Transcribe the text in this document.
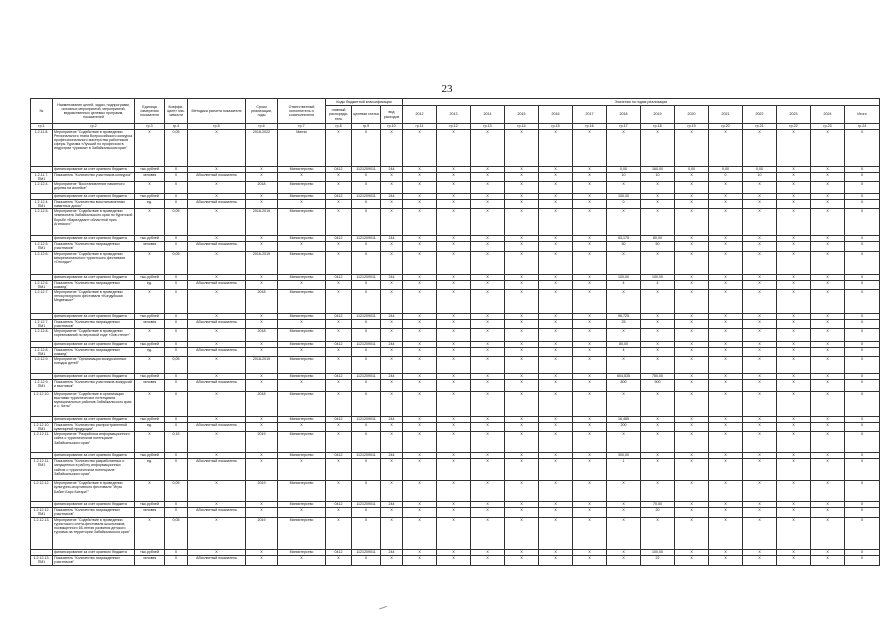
23
№	Наименование целей, задач, подпрограмм, основных мероприятий, мероприятий, ведомственных целевых программ, показателей	Единица измерения показателя	Коэффи-циент зна-чимости	Методика расчета показателя	Сроки реализации, годы	Ответственный исполнитель и соисполнители	Коды бюджетной классификации			Значения по годам реализации													
							главный распоряди-тель	целевая статья	вид расходов	2012	2013	2014	2015	2016	2017	2018	2019	2020	2021	2022	2023	2024	Итого
гр.1	гр.2	гр.3	гр.4	гр.5	гр.6	гр.7	гр.8	гр.9	гр.10	гр.11	гр.12	гр.13	гр.14	гр.15	гр.16	гр.17	гр.18	гр.19	гр.20	гр.21	гр.22	гр.23	гр.24
1.2.11.8.	Мероприятие "Содействие в проведении Регионального этапа Всероссийского конкурса профессионального мастерства работников сферы Туризма «Лучший по профессии в индустрии туризма» в Забайкальском крае"	Х	0,05	Х	2018-2022	Минэк	Х	Х	Х	Х	Х	Х	Х	Х	Х	Х	Х	Х	Х	Х	Х	Х	Х
	финансирование за счет краевого бюджета	тыс.рублей	Х	Х	Х	Министерство	0412	1121209011	244	Х	Х	Х	Х	Х	Х	0,00	160,00	0,00	0,00	0,00	Х	Х	Х
1.2.11.7. ПМ1	Показатель "Количество участников конкурса"	человек	Х	Абсолютный показатель	Х	Х	Х	Х	Х	Х	Х	Х	Х	Х	Х	10	10	Х	0	10	Х	Х	Х
1.2.12.4.	Мероприятие "Восстановление памятного дерева на аллейке"	Х	Х	Х	2018	Министерство	Х	Х	Х	Х	Х	Х	Х	Х	Х	Х	Х	Х	Х	Х	Х	Х	Х
	финансирование за счет краевого бюджета	тыс.рублей	Х	Х	Х	Министерство	0412	1121209011	244	Х	Х	Х	Х	Х	Х	100,00	Х	Х	Х	Х	Х	Х	Х
1.2.12.4. ПМ1	Показатель "Количество восстановленных памятных досок"	ед.	Х	Абсолютный показатель	Х	Х	Х	Х	Х	Х	Х	Х	Х	Х	Х	0	Х	Х	Х	Х	Х	Х	Х
1.2.12.5.	Мероприятие "Содействие в проведении чемпионата Забайкальского края по бурятской борьбе «Барилдаан» областной приз Агинского"	Х	0,05	Х	2018-2019	Министерство	Х	Х	Х	Х	Х	Х	Х	Х	Х	Х	Х	Х	Х	Х	Х	Х	Х
	финансирование за счет краевого бюджета	тыс.рублей	Х	Х	Х	Министерство	0412	1121209011	244	Х	Х	Х	Х	Х	Х	63,175	80,00	Х	Х	Х	Х	Х	Х
1.2.12.5. ПМ1	Показатель "Количество награжденных участников"	человек	Х	Абсолютный показатель	Х	Х	Х	Х	Х	Х	Х	Х	Х	Х	Х	30	50	Х	Х	Х	Х	Х	Х
1.2.12.6.	Мероприятие "Содействие в проведении межрегионального туристского фестиваля «Ононда»"	Х	0,05	Х	2016-2019	Министерство	Х	Х	Х	Х	Х	Х	Х	Х	Х	Х	Х	Х	Х	Х	Х	Х	Х
	финансирование за счет краевого бюджета	тыс.рублей	Х	Х	Х	Министерство	0412	1121209011	244	Х	Х	Х	Х	Х	Х	100,00	100,00	Х	Х	Х	Х	Х	Х
1.2.12.6. ПМ1	Показатель "Количество награжденных команд"	ед.	Х	Абсолютный показатель	Х	Х	Х	Х	Х	Х	Х	Х	Х	Х	Х	4	4	Х	Х	Х	Х	Х	Х
1.2.12.7.	Мероприятие "Содействие в проведении этнокультурного фестиваля «Кондуйская Медвежья»"	Х	Х	Х	2018	Министерство	Х	Х	Х	Х	Х	Х	Х	Х	Х	Х	Х	Х	Х	Х	Х	Х	Х
	финансирование за счет краевого бюджета	тыс.рублей	Х	Х	Х	Министерство	0412	1121209011	244	Х	Х	Х	Х	Х	Х	96,725	Х	Х	Х	Х	Х	Х	Х
1.2.12.7. ПМ1	Показатель "Количество награжденных участников"	человек	Х	Абсолютный показатель	Х	Х	Х	Х	Х	Х	Х	Х	Х	Х	Х	25	Х	Х	Х	Х	Х	Х	Х
1.2.12.8.	Мероприятие "Содействие в проведении соревнований по верховой езде «Зов степи»"	Х	Х	Х	2018	Министерство	Х	Х	Х	Х	Х	Х	Х	Х	Х	Х	Х	Х	Х	Х	Х	Х	Х
	финансирование за счет краевого бюджета	тыс.рублей	Х	Х	Х	Министерство	0412	1121209011	244	Х	Х	Х	Х	Х	Х	80,00	Х	Х	Х	Х	Х	Х	Х
1.2.12.8. ПМ1	Показатель "Количество награжденных команд"	ед.	Х	Абсолютный показатель	Х	Х	Х	Х	Х	Х	Х	Х	Х	Х	Х	4	Х	Х	Х	Х	Х	Х	Х
1.2.12.9.	Мероприятие "Организация экскурсионных поездок детей"	Х	0,05	Х	2018-2019	Министерство	Х	Х	Х	Х	Х	Х	Х	Х	Х	Х	Х	Х	Х	Х	Х	Х	Х
	финансирование за счет краевого бюджета	тыс.рублей	Х	Х	Х	Министерство	0412	1121209011	244	Х	Х	Х	Х	Х	Х	604,535	750,00	Х	Х	Х	Х	Х	Х
1.2.12.9. ПМ1	Показатель "Количество участников экскурсий и выставок"	человек	Х	Абсолютный показатель	Х	Х	Х	Х	Х	Х	Х	Х	Х	Х	Х	800	900	Х	Х	Х	Х	Х	Х
1.2.12.10.	Мероприятие "Содействие в организации выставки туристических потенциала муниципальных районов Забайкальского края и с. Читы"	Х	Х	Х	2018	Министерство	Х	Х	Х	Х	Х	Х	Х	Х	Х	Х	Х	Х	Х	Х	Х	Х	Х
	финансирование за счет краевого бюджета	тыс.рублей	Х	Х	Х	Министерство	0412	1121209011	244	Х	Х	Х	Х	Х	Х	16,485	Х	Х	Х	Х	Х	Х	Х
1.2.12.10. ПМ1	Показатель "Количество распространенной сувенирной продукции"	ед.	Х	Абсолютный показатель	Х	Х	Х	Х	Х	Х	Х	Х	Х	Х	Х	200	Х	Х	Х	Х	Х	Х	Х
1.2.12.11.	Мероприятие "Разработка информационного сайта о туристическом потенциале Забайкальского края"	Х	0,15	Х	2019	Министерство	Х	Х	Х	Х	Х	Х	Х	Х	Х	Х	Х	Х	Х	Х	Х	Х	Х
	финансирование за счет краевого бюджета	тыс.рублей	Х	Х	Х	Министерство	0412	1121209011	244	Х	Х	Х	Х	Х	Х	300,00	Х	Х	Х	Х	Х	Х	Х
1.2.12.11. ПМ1	Показатель "Количество разработанных и запущенных в работу информационных сайтов о туристическом потенциале Забайкальского края"	ед.	Х	Абсолютный показатель	Х	Х	Х	Х	Х	Х	Х	Х	Х	Х	Х	1	Х	Х	Х	Х	Х	Х	Х
1.2.12.12.	Мероприятие "Содействие в проведении культурно-спортивного фестиваля "Игры Бабин Барс Батара""	Х	0,05	Х	2019	Министерство	Х	Х	Х	Х	Х	Х	Х	Х	Х	Х	Х	Х	Х	Х	Х	Х	Х
	финансирование за счет краевого бюджета	тыс.рублей	Х	Х	Х	Министерство	0412	1121209011	244	Х	Х	Х	Х	Х	Х	Х	70,00	Х	Х	Х	Х	Х	Х
1.2.12.12. ПМ1	Показатель "Количество награжденных участников"	человек	Х	Абсолютный показатель	Х	Х	Х	Х	Х	Х	Х	Х	Х	Х	Х	Х	20	Х	Х	Х	Х	Х	Х
1.2.12.13.	Мероприятие "Содействие в проведении туристского слета-фестиваля школьников, посвященного 65-летию развития детского туризма на территории Забайкальского края"	Х	0,05	Х	2019	Министерство	Х	Х	Х	Х	Х	Х	Х	Х	Х	Х	Х	Х	Х	Х	Х	Х	Х
	финансирование за счет краевого бюджета	тыс.рублей	Х	Х	Х	Министерство	0412	1121209011	244	Х	Х	Х	Х	Х	Х	Х	100,00	Х	Х	Х	Х	Х	Х
1.2.12.13. ПМ1	Показатель "Количество награжденных участников"	человек	Х	Абсолютный показатель	Х	Х	Х	Х	Х	Х	Х	Х	Х	Х	Х	Х	22	Х	Х	Х	Х	Х	Х
